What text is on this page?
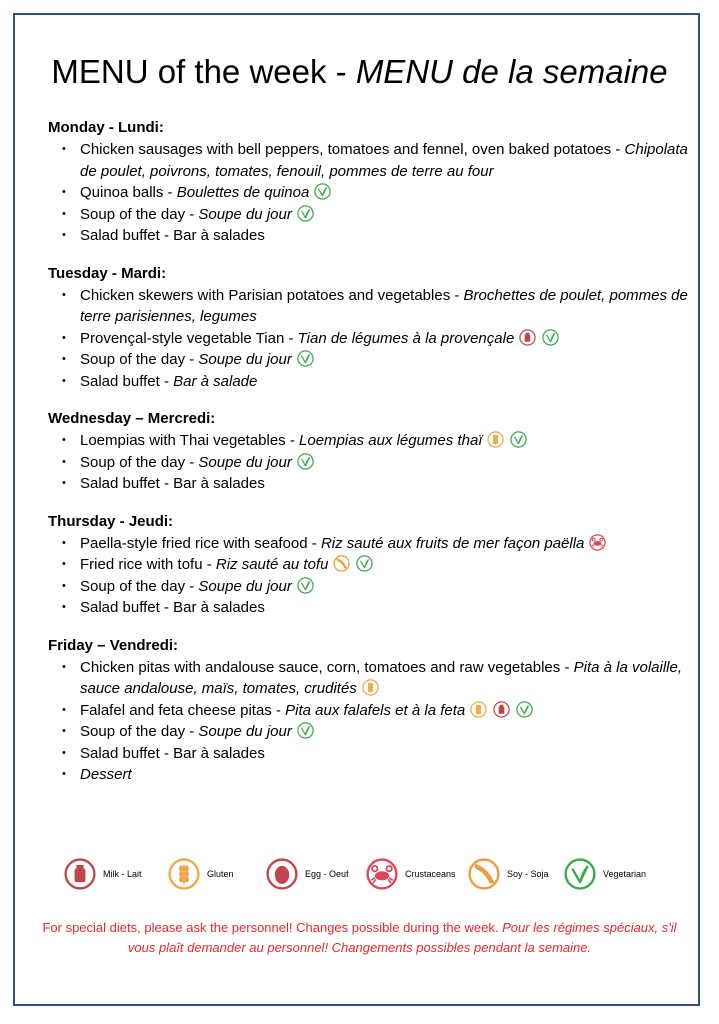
MENU of the week - MENU de la semaine
Monday - Lundi:
• Chicken sausages with bell peppers, tomatoes and fennel, oven baked potatoes - Chipolata de poulet, poivrons, tomates, fenouil, pommes de terre au four
• Quinoa balls - Boulettes de quinoa
• Soup of the day - Soupe du jour
• Salad buffet - Bar à salades
Tuesday - Mardi:
• Chicken skewers with Parisian potatoes and vegetables - Brochettes de poulet, pommes de terre parisiennes, legumes
• Provençal-style vegetable Tian - Tian de légumes à la provençale
• Soup of the day - Soupe du jour
• Salad buffet - Bar à salade
Wednesday – Mercredi:
• Loempias with Thai vegetables - Loempias aux légumes thaï
• Soup of the day - Soupe du jour
• Salad buffet - Bar à salades
Thursday - Jeudi:
• Paella-style fried rice with seafood - Riz sauté aux fruits de mer façon paëlla
• Fried rice with tofu - Riz sauté au tofu
• Soup of the day - Soupe du jour
• Salad buffet - Bar à salades
Friday – Vendredi:
• Chicken pitas with andalouse sauce, corn, tomatoes and raw vegetables - Pita à la volaille, sauce andalouse, maïs, tomates, crudités
• Falafel and feta cheese pitas - Pita aux falafels et à la feta
• Soup of the day - Soupe du jour
• Salad buffet - Bar à salades
• Dessert
Milk - Lait	Gluten	Egg - Oeuf	Crustaceans	Soy - Soja	Vegetarian
For special diets, please ask the personnel! Changes possible during the week. Pour les régimes spéciaux, s'il vous plaît demander au personnel! Changements possibles pendant la semaine.
